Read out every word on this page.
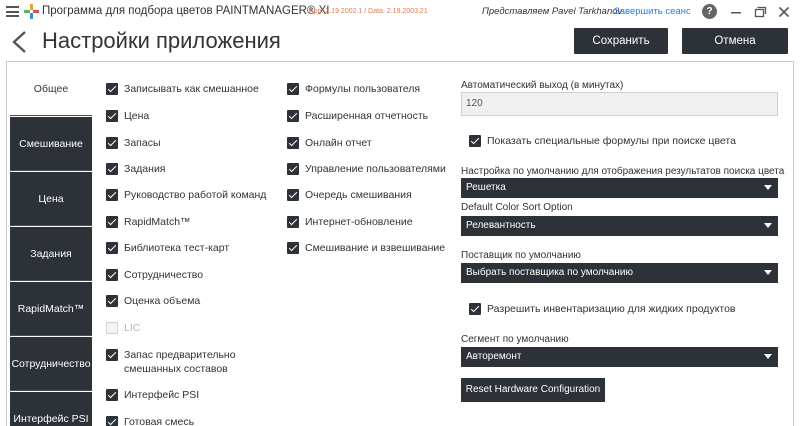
Программа для подбора цветов PAINTMANAGER® XI
App: 2.19.2002.1 / Data: 2.19.2003.21	Представляем Pavel Tarkhanov
Завершить сеанс	?
Настройки приложения	Сохранить	Отмена
Общее
Смешивание
Цена
Задания
RapidMatch™
Сотрудничество
Интерфейс PSI
Записывать как смешанное
Цена
Запасы
Задания
Руководство работой команд
RapidMatch™
Библиотека тест-карт
Сотрудничество
Оценка объема
LIC
Запас предварительно смешанных составов
Интерфейс PSI
Готовая смесь
Формулы пользователя
Расширенная отчетность
Онлайн отчет
Управление пользователями
Очередь смешивания
Интернет-обновление
Смешивание и взвешивание
Автоматический выход (в минутах)
120
Показать специальные формулы при поиске цвета
Настройка по умолчанию для отображения результатов поиска цвета
Решетка
Default Color Sort Option
Релевантность
Поставщик по умолчанию
Выбрать поставщика по умолчанию
Разрешить инвентаризацию для жидких продуктов
Сегмент по умолчанию
Авторемонт
Reset Hardware Configuration
